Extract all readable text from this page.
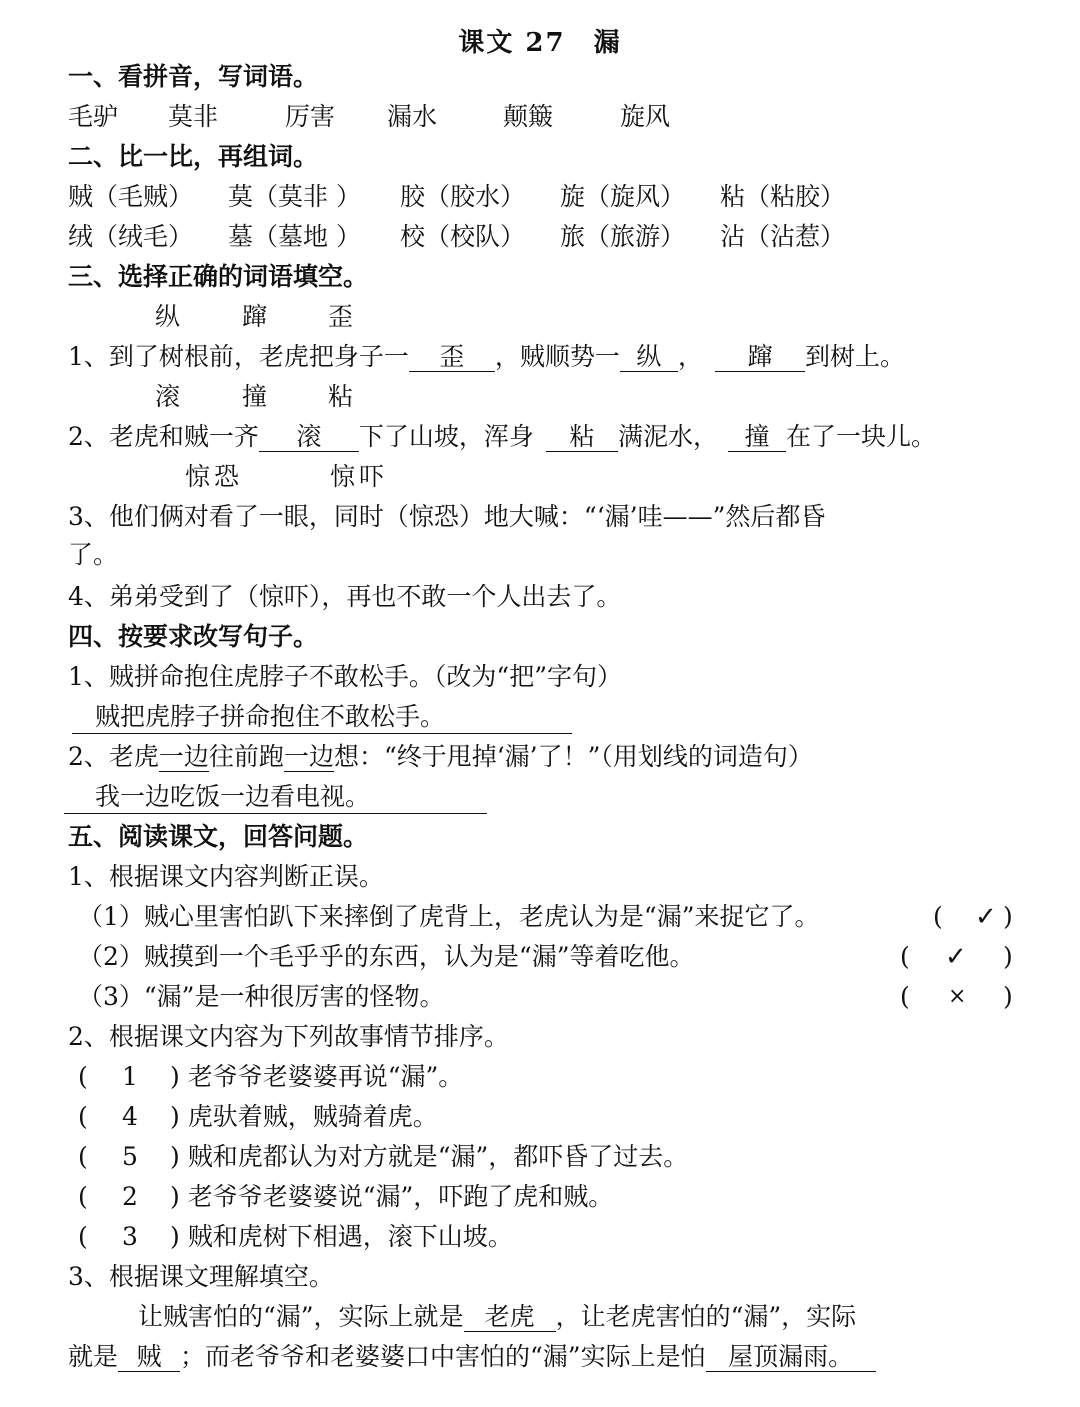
课文 27　漏
一、看拼音，写词语。
毛驴 莫非	厉害 漏水	颠簸	旋风
二、比一比，再组词。
贼（毛贼） 莫（莫非 ） 胶（胶水） 旋（旋风） 粘（粘胶）
绒（绒毛） 墓（墓地 ） 校（校队） 旅（旅游） 沾（沾惹）
三、选择正确的词语填空。
纵 蹿 歪
1、到了树根前，老虎把身子一 歪 ，贼顺势一 纵 ， 蹿 到树上。
滚 撞 粘
2、老虎和贼一齐 滚 下了山坡，浑身 粘 满泥水， 撞 在了一块儿。
惊恐	惊吓
3、他们俩对看了一眼，同时（惊恐）地大喊：“‘漏’哇——”然后都昏
了。
4、弟弟受到了（惊吓），再也不敢一个人出去了。
四、按要求改写句子。
1、贼拼命抱住虎脖子不敢松手。（改为“把”字句）
贼把虎脖子拼命抱住不敢松手。
2、老虎一边往前跑一边想：“终于甩掉‘漏’了！”（用划线的词造句）
我一边吃饭一边看电视。
五、阅读课文，回答问题。
1、根据课文内容判断正误。
（1）贼心里害怕趴下来摔倒了虎背上，老虎认为是“漏”来捉它了。	( ✓ )
（2）贼摸到一个毛乎乎的东西，认为是“漏”等着吃他。	( ✓ )
（3）“漏”是一种很厉害的怪物。	( × )
2、根据课文内容为下列故事情节排序。
( 1 ) 老爷爷老婆婆再说“漏”。
( 4 ) 虎驮着贼，贼骑着虎。
( 5 ) 贼和虎都认为对方就是“漏”，都吓昏了过去。
( 2 ) 老爷爷老婆婆说“漏”，吓跑了虎和贼。
( 3 ) 贼和虎树下相遇，滚下山坡。
3、根据课文理解填空。
让贼害怕的“漏”，实际上就是 老虎 ，让老虎害怕的“漏”，实际
就是 贼 ；而老爷爷和老婆婆口中害怕的“漏”实际上是怕 屋顶漏雨。
